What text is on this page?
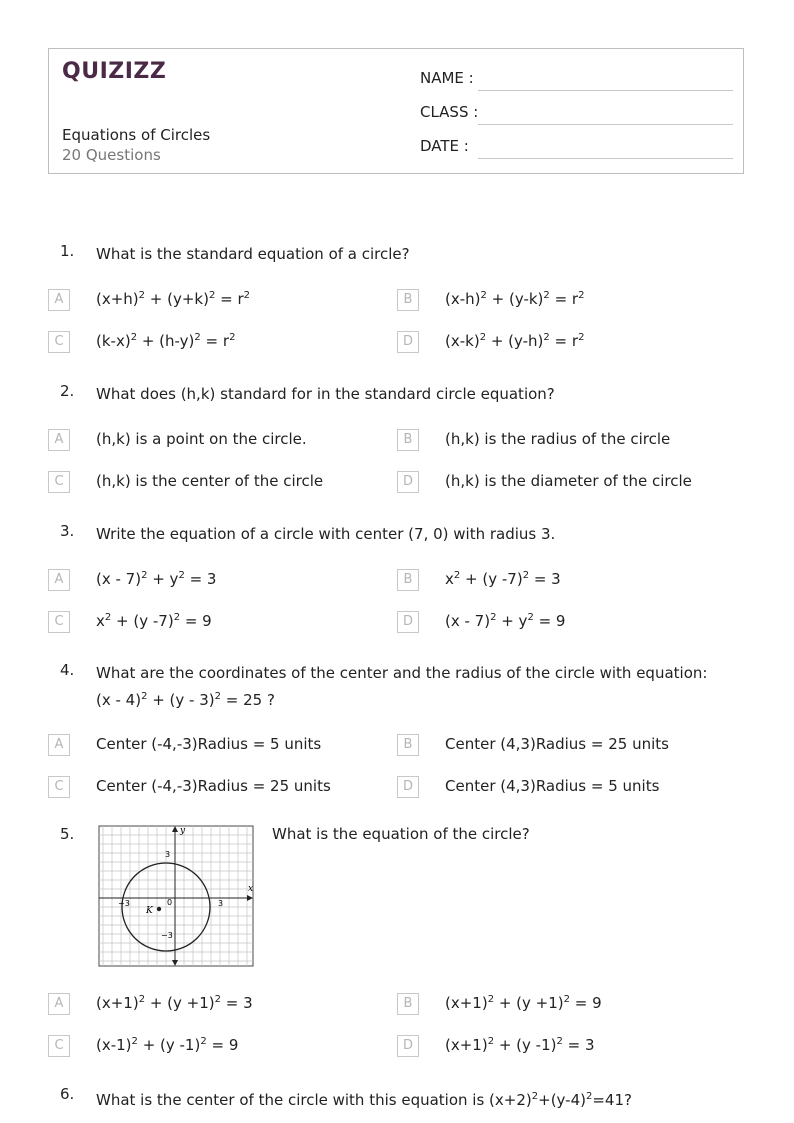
QUIZIZZ
Equations of Circles
20 Questions
NAME :
CLASS :
DATE :
1. What is the standard equation of a circle?
A	$(x+h)^2 + (y+k)^2 = r^2$	B	$(x-h)^2 + (y-k)^2 = r^2$
C	$(k-x)^2 + (h-y)^2 = r^2$	D	$(x-k)^2 + (y-h)^2 = r^2$
2. What does (h,k) standard for in the standard circle equation?
A	(h,k) is a point on the circle.	B	(h,k) is the radius of the circle
C	(h,k) is the center of the circle	D	(h,k) is the diameter of the circle
3. Write the equation of a circle with center (7, 0) with radius 3.
A	$(x - 7)^2 + y^2 = 3$	B	$x^2 + (y$ -7)$^2$ = 3
C	$x^2 + (y$ -7)$^2$ = 9	D	$(x - 7)^2 + y^2 = 9$
4. What are the coordinates of the center and the radius of the circle with equation:
(x - 4)$^2$ + (y - 3)$^2$ = 25 ?
A	Center (-4,-3)Radius = 5 units	B	Center (4,3)Radius = 25 units
C	Center (-4,-3)Radius = 25 units	D	Center (4,3)Radius = 5 units
5.
x
y
−3	3
3
−3
0
K
What is the equation of the circle?
A	$(x+1)^2 + (y +1)^2 = 3$	B	$(x+1)^2 + (y +1)^2 = 9$
C	$(x-1)^2 + (y$ -1)$^2$ = 9	D	$(x+1)^2 + (y$ -1)$^2$ = 3
6. What is the center of the circle with this equation is $(x+2)^2+(y-4)^2=41$?
